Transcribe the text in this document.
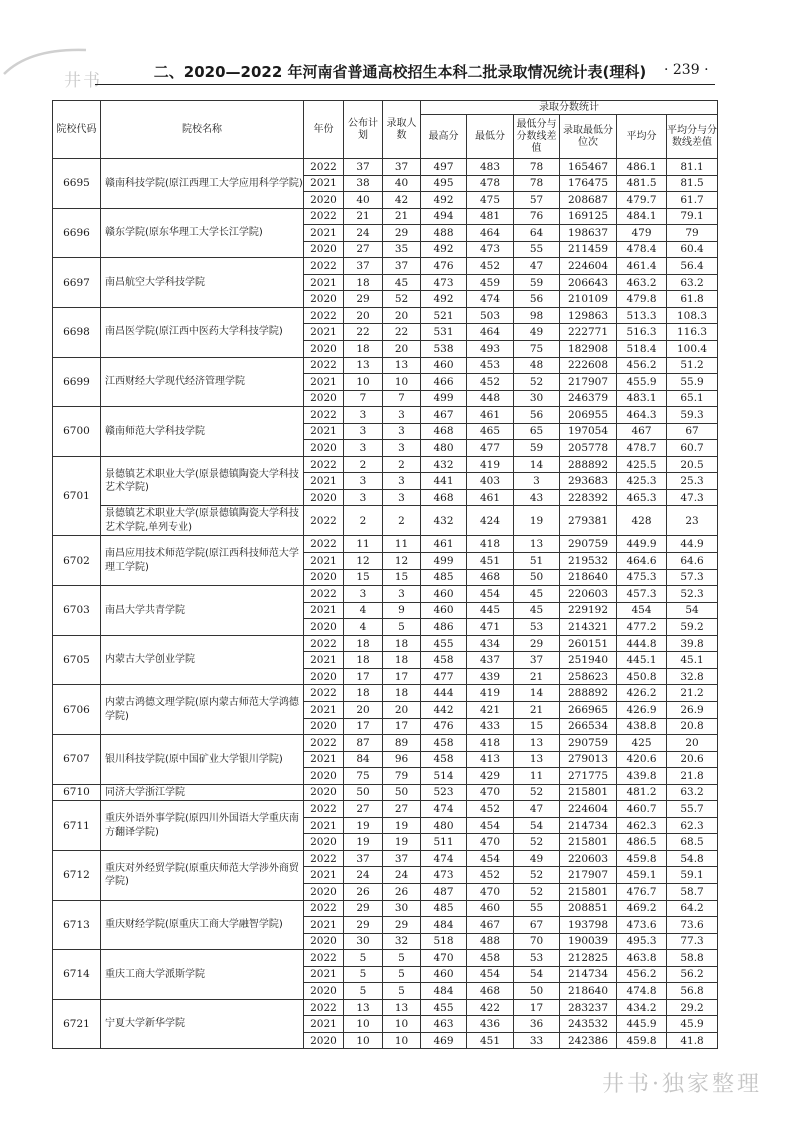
井书	二、2020—2022 年河南省普通高校招生本科二批录取情况统计表(理科)	· 239 ·
院校代码	院校名称	年份	公布计划	录取人数	录取分数统计					
					最高分	最低分	最低分与分数线差值	录取最低分位次	平均分	平均分与分数线差值
6695	赣南科技学院(原江西理工大学应用科学学院)	2022	37	37	497	483	78	165467	486.1	81.1
		2021	38	40	495	478	78	176475	481.5	81.5
		2020	40	42	492	475	57	208687	479.7	61.7
6696	赣东学院(原东华理工大学长江学院)	2022	21	21	494	481	76	169125	484.1	79.1
		2021	24	29	488	464	64	198637	479	79
		2020	27	35	492	473	55	211459	478.4	60.4
6697	南昌航空大学科技学院	2022	37	37	476	452	47	224604	461.4	56.4
		2021	18	45	473	459	59	206643	463.2	63.2
		2020	29	52	492	474	56	210109	479.8	61.8
6698	南昌医学院(原江西中医药大学科技学院)	2022	20	20	521	503	98	129863	513.3	108.3
		2021	22	22	531	464	49	222771	516.3	116.3
		2020	18	20	538	493	75	182908	518.4	100.4
6699	江西财经大学现代经济管理学院	2022	13	13	460	453	48	222608	456.2	51.2
		2021	10	10	466	452	52	217907	455.9	55.9
		2020	7	7	499	448	30	246379	483.1	65.1
6700	赣南师范大学科技学院	2022	3	3	467	461	56	206955	464.3	59.3
		2021	3	3	468	465	65	197054	467	67
		2020	3	3	480	477	59	205778	478.7	60.7
6701	景德镇艺术职业大学(原景德镇陶瓷大学科技艺术学院)	2022	2	2	432	419	14	288892	425.5	20.5
		2021	3	3	441	403	3	293683	425.3	25.3
		2020	3	3	468	461	43	228392	465.3	47.3
	景德镇艺术职业大学(原景德镇陶瓷大学科技艺术学院,单列专业)	2022	2	2	432	424	19	279381	428	23
6702	南昌应用技术师范学院(原江西科技师范大学理工学院)	2022	11	11	461	418	13	290759	449.9	44.9
		2021	12	12	499	451	51	219532	464.6	64.6
		2020	15	15	485	468	50	218640	475.3	57.3
6703	南昌大学共青学院	2022	3	3	460	454	45	220603	457.3	52.3
		2021	4	9	460	445	45	229192	454	54
		2020	4	5	486	471	53	214321	477.2	59.2
6705	内蒙古大学创业学院	2022	18	18	455	434	29	260151	444.8	39.8
		2021	18	18	458	437	37	251940	445.1	45.1
		2020	17	17	477	439	21	258623	450.8	32.8
6706	内蒙古鸿德文理学院(原内蒙古师范大学鸿德学院)	2022	18	18	444	419	14	288892	426.2	21.2
		2021	20	20	442	421	21	266965	426.9	26.9
		2020	17	17	476	433	15	266534	438.8	20.8
6707	银川科技学院(原中国矿业大学银川学院)	2022	87	89	458	418	13	290759	425	20
		2021	84	96	458	413	13	279013	420.6	20.6
		2020	75	79	514	429	11	271775	439.8	21.8
6710	同济大学浙江学院	2020	50	50	523	470	52	215801	481.2	63.2
6711	重庆外语外事学院(原四川外国语大学重庆南方翻译学院)	2022	27	27	474	452	47	224604	460.7	55.7
		2021	19	19	480	454	54	214734	462.3	62.3
		2020	19	19	511	470	52	215801	486.5	68.5
6712	重庆对外经贸学院(原重庆师范大学涉外商贸学院)	2022	37	37	474	454	49	220603	459.8	54.8
		2021	24	24	473	452	52	217907	459.1	59.1
		2020	26	26	487	470	52	215801	476.7	58.7
6713	重庆财经学院(原重庆工商大学融智学院)	2022	29	30	485	460	55	208851	469.2	64.2
		2021	29	29	484	467	67	193798	473.6	73.6
		2020	30	32	518	488	70	190039	495.3	77.3
6714	重庆工商大学派斯学院	2022	5	5	470	458	53	212825	463.8	58.8
		2021	5	5	460	454	54	214734	456.2	56.2
		2020	5	5	484	468	50	218640	474.8	56.8
6721	宁夏大学新华学院	2022	13	13	455	422	17	283237	434.2	29.2
		2021	10	10	463	436	36	243532	445.9	45.9
		2020	10	10	469	451	33	242386	459.8	41.8
井书·独家整理
